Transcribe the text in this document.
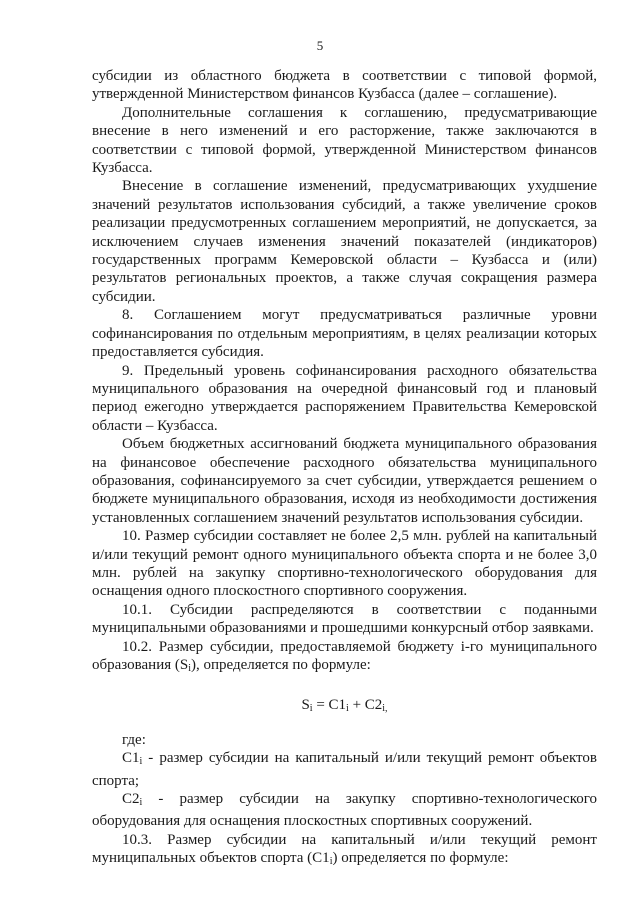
5

субсидии из областного бюджета в соответствии с типовой формой, утвержденной Министерством финансов Кузбасса (далее – соглашение).

Дополнительные соглашения к соглашению, предусматривающие внесение в него изменений и его расторжение, также заключаются в соответствии с типовой формой, утвержденной Министерством финансов Кузбасса.

Внесение в соглашение изменений, предусматривающих ухудшение значений результатов использования субсидий, а также увеличение сроков реализации предусмотренных соглашением мероприятий, не допускается, за исключением случаев изменения значений показателей (индикаторов) государственных программ Кемеровской области – Кузбасса и (или) результатов региональных проектов, а также случая сокращения размера субсидии.

8. Соглашением могут предусматриваться различные уровни софинансирования по отдельным мероприятиям, в целях реализации которых предоставляется субсидия.

9. Предельный уровень софинансирования расходного обязательства муниципального образования на очередной финансовый год и плановый период ежегодно утверждается распоряжением Правительства Кемеровской области – Кузбасса.

Объем бюджетных ассигнований бюджета муниципального образования на финансовое обеспечение расходного обязательства муниципального образования, софинансируемого за счет субсидии, утверждается решением о бюджете муниципального образования, исходя из необходимости достижения установленных соглашением значений результатов использования субсидии.

10. Размер субсидии составляет не более 2,5 млн. рублей на капитальный и/или текущий ремонт одного муниципального объекта спорта и не более 3,0 млн. рублей на закупку спортивно-технологического оборудования для оснащения одного плоскостного спортивного сооружения.

10.1. Субсидии распределяются в соответствии с поданными муниципальными образованиями и прошедшими конкурсный отбор заявками.

10.2. Размер субсидии, предоставляемой бюджету i-го муниципального образования $(S_i)$, определяется по формуле:

$S_i = С1_i + С2_{i,}$

где:

$С1_i$ - размер субсидии на капитальный и/или текущий ремонт объектов спорта;

$С2_i$ - размер субсидии на закупку спортивно-технологического оборудования для оснащения плоскостных спортивных сооружений.

10.3. Размер субсидии на капитальный и/или текущий ремонт муниципальных объектов спорта $(С1_i)$ определяется по формуле:
